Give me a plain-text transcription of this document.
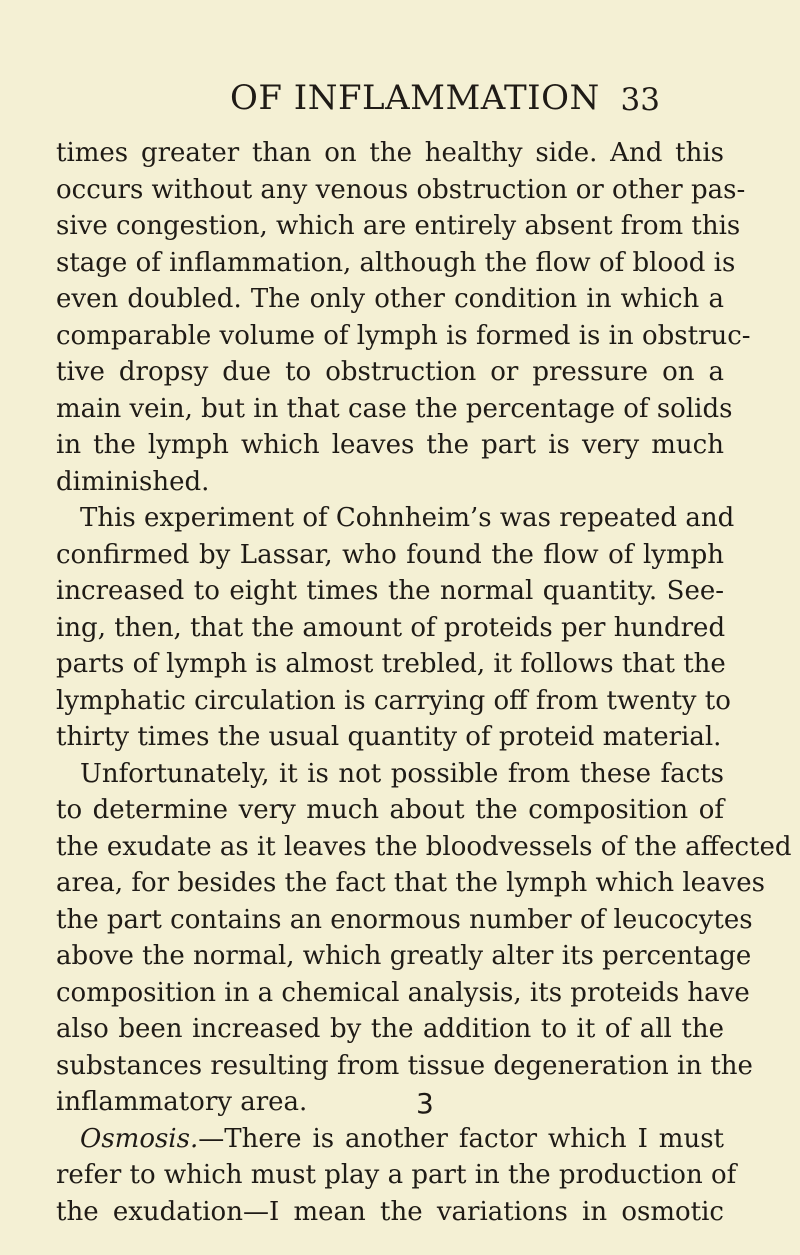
OF INFLAMMATION 33
times greater than on the healthy side. And this
occurs without any venous obstruction or other pas-
sive congestion, which are entirely absent from this
stage of inflammation, although the flow of blood is
even doubled. The only other condition in which a
comparable volume of lymph is formed is in obstruc-
tive dropsy due to obstruction or pressure on a
main vein, but in that case the percentage of solids
in the lymph which leaves the part is very much
diminished.
This experiment of Cohnheim’s was repeated and
confirmed by Lassar, who found the flow of lymph
increased to eight times the normal quantity. See-
ing, then, that the amount of proteids per hundred
parts of lymph is almost trebled, it follows that the
lymphatic circulation is carrying off from twenty to
thirty times the usual quantity of proteid material.
Unfortunately, it is not possible from these facts
to determine very much about the composition of
the exudate as it leaves the bloodvessels of the affected
area, for besides the fact that the lymph which leaves
the part contains an enormous number of leucocytes
above the normal, which greatly alter its percentage
composition in a chemical analysis, its proteids have
also been increased by the addition to it of all the
substances resulting from tissue degeneration in the
inflammatory area.
Osmosis.—There is another factor which I must
refer to which must play a part in the production of
the exudation—I mean the variations in osmotic
3
